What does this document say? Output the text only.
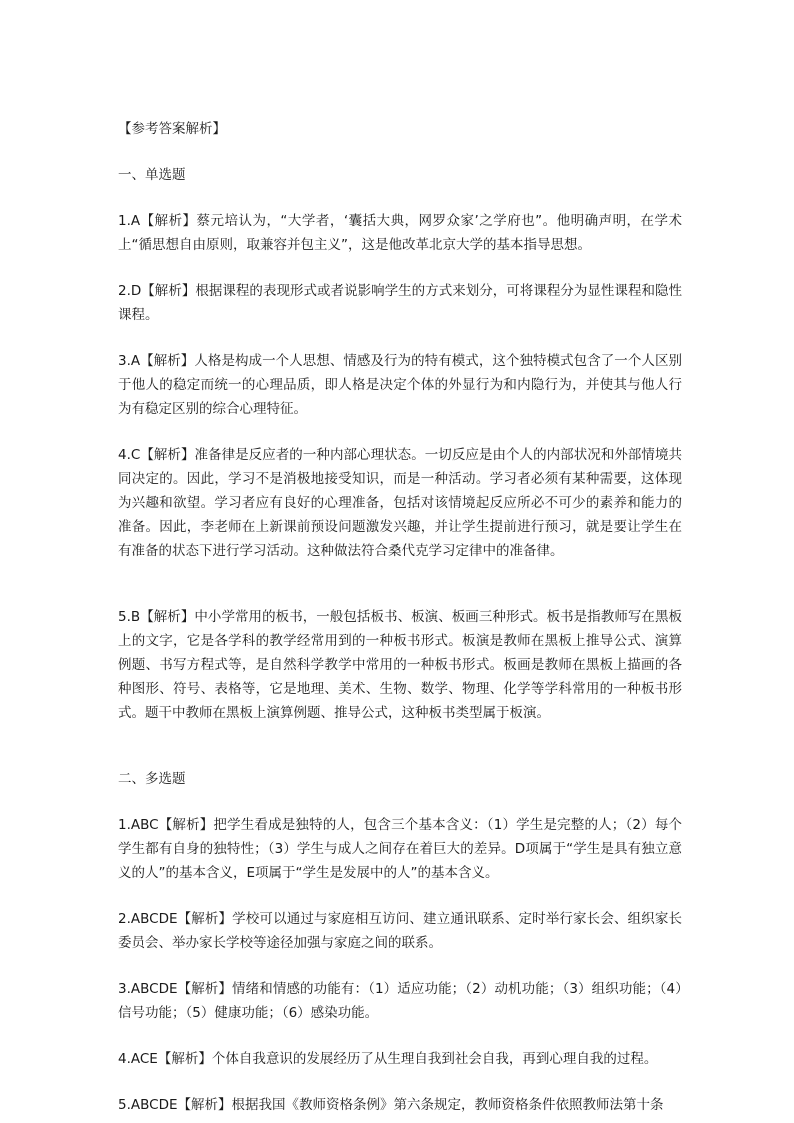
【参考答案解析】

一、单选题

1.A【解析】蔡元培认为，“大学者，‘囊括大典，网罗众家’之学府也”。他明确声明，在学术上“循思想自由原则，取兼容并包主义”，这是他改革北京大学的基本指导思想。

2.D【解析】根据课程的表现形式或者说影响学生的方式来划分，可将课程分为显性课程和隐性课程。

3.A【解析】人格是构成一个人思想、情感及行为的特有模式，这个独特模式包含了一个人区别于他人的稳定而统一的心理品质，即人格是决定个体的外显行为和内隐行为，并使其与他人行为有稳定区别的综合心理特征。

4.C【解析】准备律是反应者的一种内部心理状态。一切反应是由个人的内部状况和外部情境共同决定的。因此，学习不是消极地接受知识，而是一种活动。学习者必须有某种需要，这体现为兴趣和欲望。学习者应有良好的心理准备，包括对该情境起反应所必不可少的素养和能力的准备。因此，李老师在上新课前预设问题激发兴趣，并让学生提前进行预习，就是要让学生在有准备的状态下进行学习活动。这种做法符合桑代克学习定律中的准备律。

5.B【解析】中小学常用的板书，一般包括板书、板演、板画三种形式。板书是指教师写在黑板上的文字，它是各学科的教学经常用到的一种板书形式。板演是教师在黑板上推导公式、演算例题、书写方程式等，是自然科学教学中常用的一种板书形式。板画是教师在黑板上描画的各种图形、符号、表格等，它是地理、美术、生物、数学、物理、化学等学科常用的一种板书形式。题干中教师在黑板上演算例题、推导公式，这种板书类型属于板演。

二、多选题

1.ABC【解析】把学生看成是独特的人，包含三个基本含义：（1）学生是完整的人；（2）每个学生都有自身的独特性；（3）学生与成人之间存在着巨大的差异。D项属于“学生是具有独立意义的人”的基本含义，E项属于“学生是发展中的人”的基本含义。

2.ABCDE【解析】学校可以通过与家庭相互访问、建立通讯联系、定时举行家长会、组织家长委员会、举办家长学校等途径加强与家庭之间的联系。

3.ABCDE【解析】情绪和情感的功能有：（1）适应功能；（2）动机功能；（3）组织功能；（4）信号功能；（5）健康功能；（6）感染功能。

4.ACE【解析】个体自我意识的发展经历了从生理自我到社会自我，再到心理自我的过程。

5.ABCDE【解析】根据我国《教师资格条例》第六条规定，教师资格条件依照教师法第十条
